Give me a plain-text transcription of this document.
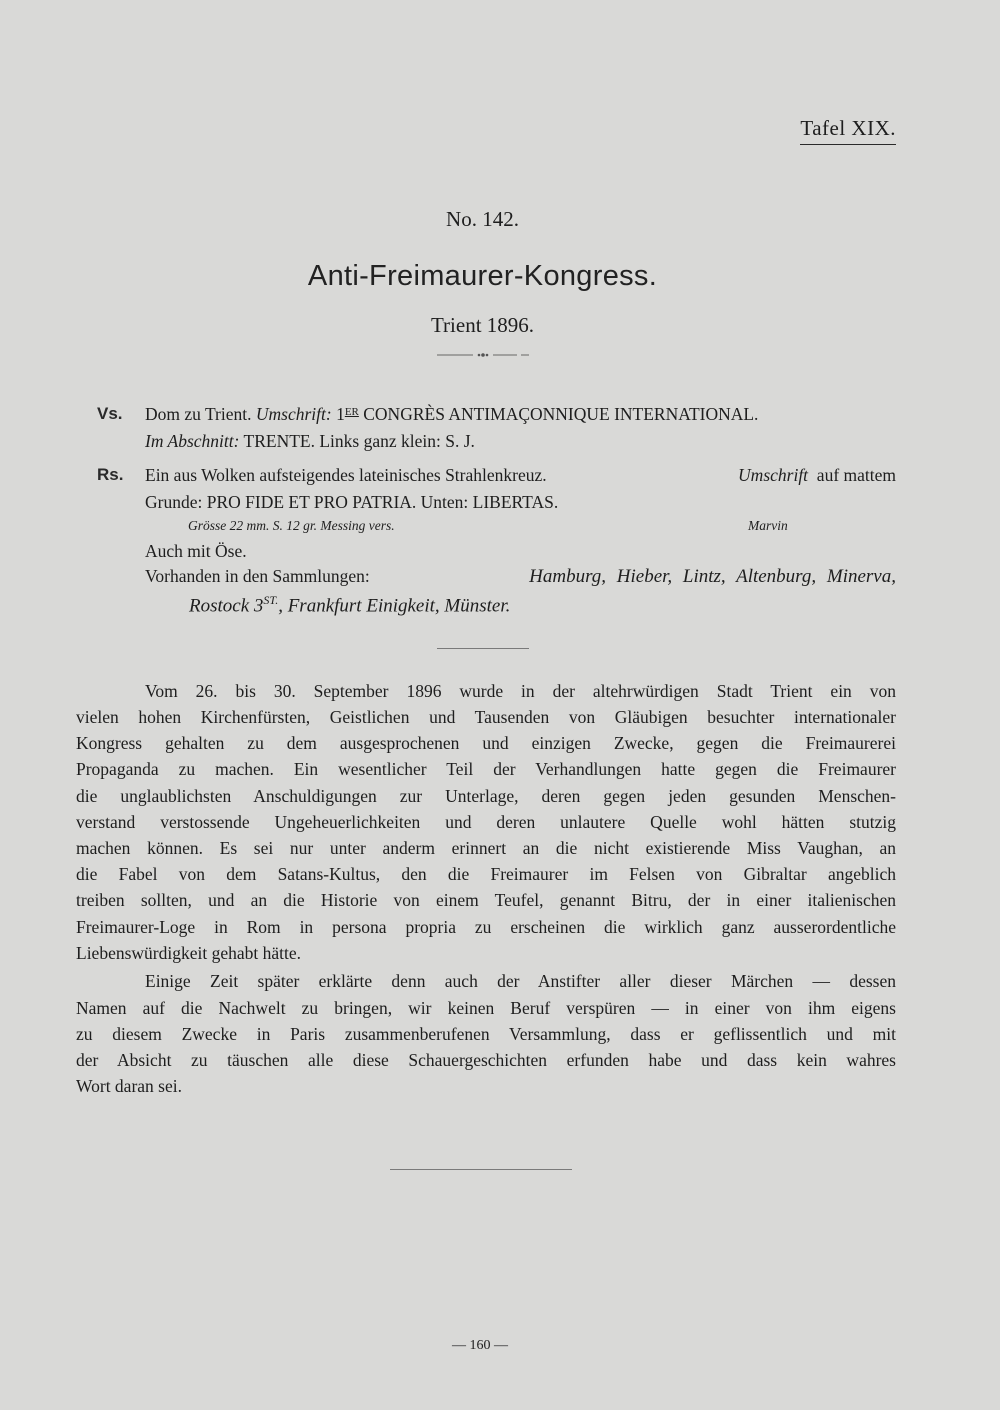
Tafel XIX.
No. 142.
Anti-Freimaurer-Kongress.
Trient 1896.
Vs. Dom zu Trient. Umschrift: 1ER CONGRÈS ANTIMAÇONNIQUE INTERNATIONAL.
Im Abschnitt: TRENTE. Links ganz klein: S. J.
Rs. Ein aus Wolken aufsteigendes lateinisches Strahlenkreuz.	Umschrift auf mattem
Grunde: PRO FIDE ET PRO PATRIA. Unten: LIBERTAS.
Grösse 22 mm. S. 12 gr. Messing vers.	Marvin
Auch mit Öse.
Vorhanden in den Sammlungen:	Hamburg, Hieber, Lintz, Altenburg, Minerva,
Rostock $3^{ST.}$, Frankfurt Einigkeit, Münster.
Vom 26. bis 30. September 1896 wurde in der altehrwürdigen Stadt Trient ein von
vielen hohen Kirchenfürsten, Geistlichen und Tausenden von Gläubigen besuchter internationaler
Kongress gehalten zu dem ausgesprochenen und einzigen Zwecke, gegen die Freimaurerei
Propaganda zu machen. Ein wesentlicher Teil der Verhandlungen hatte gegen die Freimaurer
die unglaublichsten Anschuldigungen zur Unterlage, deren gegen jeden gesunden Menschen-
verstand verstossende Ungeheuerlichkeiten und deren unlautere Quelle wohl hätten stutzig
machen können. Es sei nur unter anderm erinnert an die nicht existierende Miss Vaughan, an
die Fabel von dem Satans-Kultus, den die Freimaurer im Felsen von Gibraltar angeblich
treiben sollten, und an die Historie von einem Teufel, genannt Bitru, der in einer italienischen
Freimaurer-Loge in Rom in persona propria zu erscheinen die wirklich ganz ausserordentliche
Liebenswürdigkeit gehabt hätte.
Einige Zeit später erklärte denn auch der Anstifter aller dieser Märchen — dessen
Namen auf die Nachwelt zu bringen, wir keinen Beruf verspüren — in einer von ihm eigens
zu diesem Zwecke in Paris zusammenberufenen Versammlung, dass er geflissentlich und mit
der Absicht zu täuschen alle diese Schauergeschichten erfunden habe und dass kein wahres
Wort daran sei.
— 160 —
